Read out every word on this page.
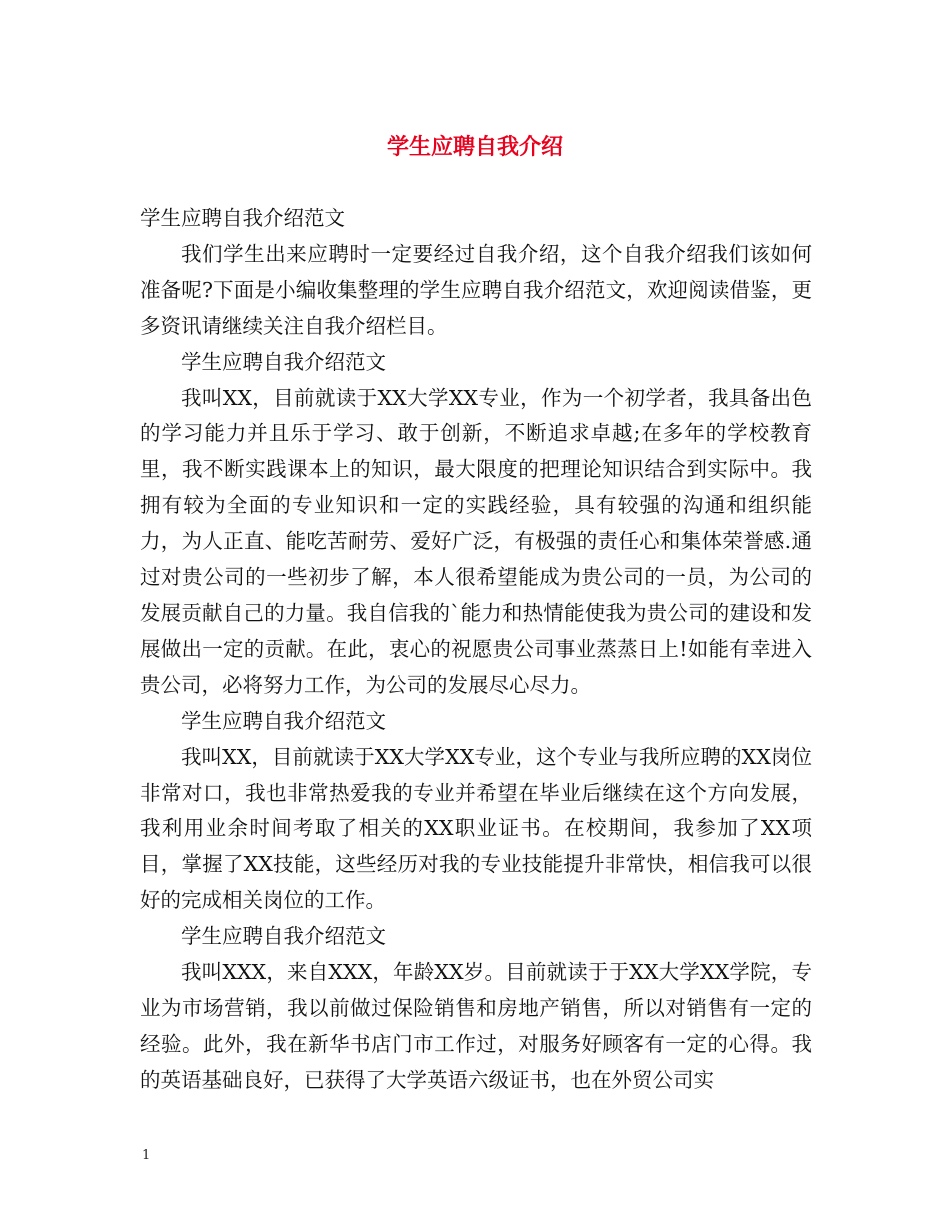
学生应聘自我介绍

学生应聘自我介绍范文

我们学生出来应聘时一定要经过自我介绍，这个自我介绍我们该如何准备呢?下面是小编收集整理的学生应聘自我介绍范文，欢迎阅读借鉴，更多资讯请继续关注自我介绍栏目。

学生应聘自我介绍范文

我叫XX，目前就读于XX大学XX专业，作为一个初学者，我具备出色的学习能力并且乐于学习、敢于创新，不断追求卓越;在多年的学校教育里，我不断实践课本上的知识，最大限度的把理论知识结合到实际中。我拥有较为全面的专业知识和一定的实践经验，具有较强的沟通和组织能力，为人正直、能吃苦耐劳、爱好广泛，有极强的责任心和集体荣誉感.通过对贵公司的一些初步了解，本人很希望能成为贵公司的一员，为公司的发展贡献自己的力量。我自信我的`能力和热情能使我为贵公司的建设和发展做出一定的贡献。在此，衷心的祝愿贵公司事业蒸蒸日上!如能有幸进入贵公司，必将努力工作，为公司的发展尽心尽力。

学生应聘自我介绍范文

我叫XX，目前就读于XX大学XX专业，这个专业与我所应聘的XX岗位非常对口，我也非常热爱我的专业并希望在毕业后继续在这个方向发展，我利用业余时间考取了相关的XX职业证书。在校期间，我参加了XX项目，掌握了XX技能，这些经历对我的专业技能提升非常快，相信我可以很好的完成相关岗位的工作。

学生应聘自我介绍范文

我叫XXX，来自XXX，年龄XX岁。目前就读于于XX大学XX学院，专业为市场营销，我以前做过保险销售和房地产销售，所以对销售有一定的经验。此外，我在新华书店门市工作过，对服务好顾客有一定的心得。我的英语基础良好，已获得了大学英语六级证书，也在外贸公司实

1
